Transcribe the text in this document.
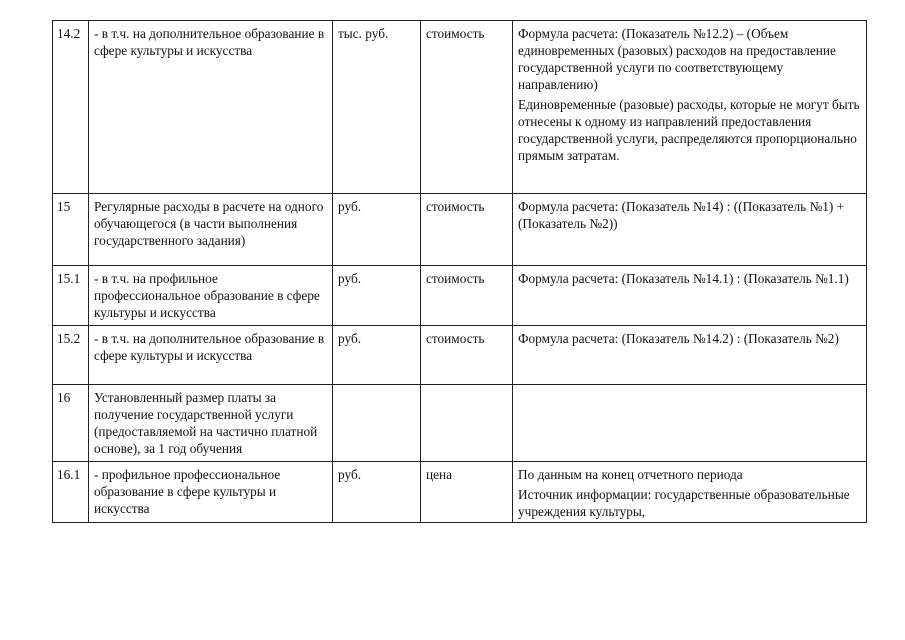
14.2	- в т.ч. на дополнительное образование в сфере культуры и искусства	тыс. руб.	стоимость	Формула расчета: (Показатель №12.2) – (Объем единовременных (разовых) расходов на предоставление государственной услуги по соответствующему направлению)
Единовременные (разовые) расходы, которые не могут быть отнесены к одному из направлений предоставления государственной услуги, распределяются пропорционально прямым затратам.

15	Регулярные расходы в расчете на одного обучающегося (в части выполнения государственного задания)	руб.	стоимость	Формула расчета: (Показатель №14) : ((Показатель №1) + (Показатель №2))

15.1	- в т.ч. на профильное профессиональное образование в сфере культуры и искусства	руб.	стоимость	Формула расчета: (Показатель №14.1) : (Показатель №1.1)

15.2	- в т.ч. на дополнительное образование в сфере культуры и искусства	руб.	стоимость	Формула расчета: (Показатель №14.2) : (Показатель №2)

16	Установленный размер платы за получение государственной услуги (предоставляемой на частично платной основе), за 1 год обучения			
16.1	- профильное профессиональное образование в сфере культуры и искусства	руб.	цена	По данным на конец отчетного периода
Источник информации: государственные образовательные учреждения культуры,
